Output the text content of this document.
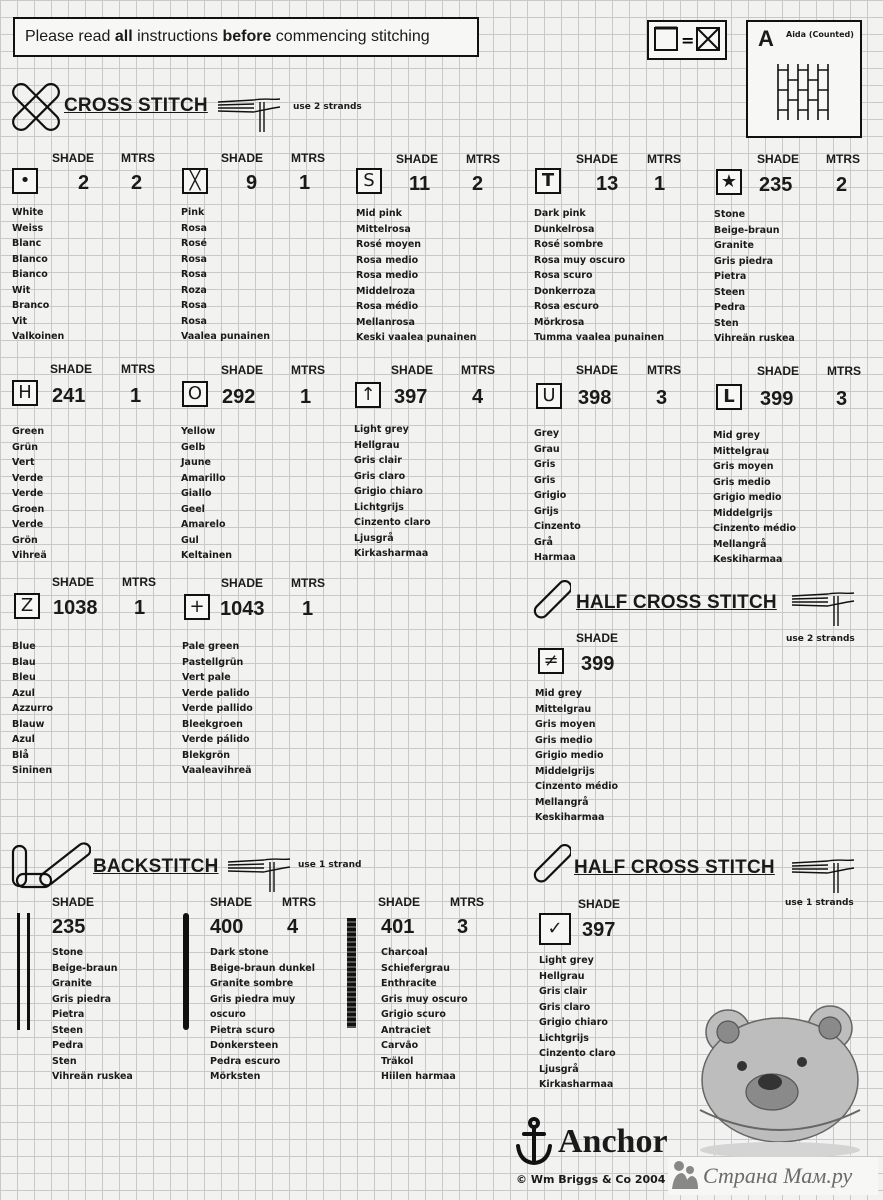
Please read all instructions before commencing stitching	=	A Aida (Counted)
CROSS STITCH	use 2 strands
SHADE MTRS
•	2 2
White
Weiss
Blanc
Blanco
Bianco
Wit
Branco
Vit
Valkoinen
SHADE MTRS
╳	9 1
Pink
Rosa
Rosé
Rosa
Rosa
Roza
Rosa
Rosa
Vaalea punainen
SHADE MTRS
S	11 2
Mid pink
Mittelrosa
Rosé moyen
Rosa medio
Rosa medio
Middelroza
Rosa médio
Mellanrosa
Keski vaalea punainen
SHADE MTRS
T	13 1
Dark pink
Dunkelrosa
Rosé sombre
Rosa muy oscuro
Rosa scuro
Donkerroza
Rosa escuro
Mörkrosa
Tumma vaalea punainen
SHADE MTRS
★ 235 2
Stone
Beige-braun
Granite
Gris piedra
Pietra
Steen
Pedra
Sten
Vihreän ruskea
SHADE MTRS
H	241 1
Green
Grün
Vert
Verde
Verde
Groen
Verde
Grön
Vihreä
SHADE MTRS
O 292 1
Yellow
Gelb
Jaune
Amarillo
Giallo
Geel
Amarelo
Gul
Keltainen
SHADE MTRS
↑ 397 4
Light grey
Hellgrau
Gris clair
Gris claro
Grigio chiaro
Lichtgrijs
Cinzento claro
Ljusgrå
Kirkasharmaa
SHADE MTRS
U	398 3
Grey
Grau
Gris
Gris
Grigio
Grijs
Cinzento
Grå
Harmaa
SHADE MTRS
L	399 3
Mid grey
Mittelgrau
Gris moyen
Gris medio
Grigio medio
Middelgrijs
Cinzento médio
Mellangrå
Keskiharmaa
SHADE MTRS
Z 1038 1
Blue
Blau
Bleu
Azul
Azzurro
Blauw
Azul
Blå
Sininen
SHADE MTRS
+ 1043 1
Pale green
Pastellgrün
Vert pale
Verde palido
Verde pallido
Bleekgroen
Verde pálido
Blekgrön
Vaaleavihreä
HALF CROSS STITCH
use 2 strands
SHADE
≠ 399
Mid grey
Mittelgrau
Gris moyen
Gris medio
Grigio medio
Middelgrijs
Cinzento médio
Mellangrå
Keskiharmaa
BACKSTITCH	use 1 strand
SHADE
235
Stone
Beige-braun
Granite
Gris piedra
Pietra
Steen
Pedra
Sten
Vihreän ruskea
SHADE MTRS
400 4
Dark stone
Beige-braun dunkel
Granite sombre
Gris piedra muy
oscuro
Pietra scuro
Donkersteen
Pedra escuro
Mörksten
SHADE MTRS
401 3
Charcoal
Schiefergrau
Enthracite
Gris muy oscuro
Grigio scuro
Antraciet
Carvão
Träkol
Hiilen harmaa
HALF CROSS STITCH
use 1 strands
SHADE
✓ 397
Light grey
Hellgrau
Gris clair
Gris claro
Grigio chiaro
Lichtgrijs
Cinzento claro
Ljusgrå
Kirkasharmaa
Anchor
© Wm Briggs & Co 2004 Страна Мам.ру
